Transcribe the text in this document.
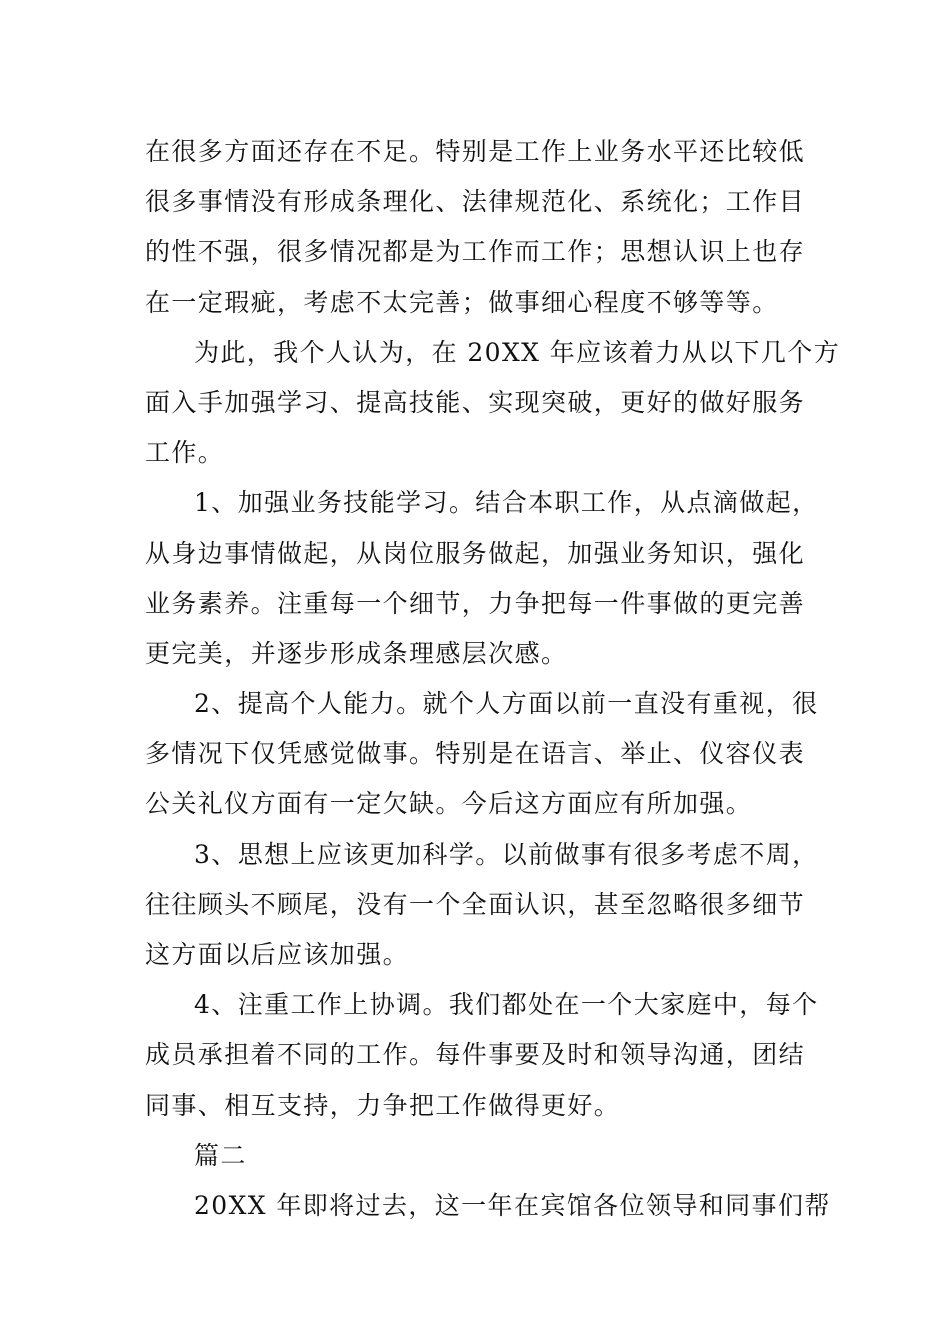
在很多方面还存在不足。特别是工作上业务水平还比较低
很多事情没有形成条理化、法律规范化、系统化；工作目
的性不强，很多情况都是为工作而工作；思想认识上也存
在一定瑕疵，考虑不太完善；做事细心程度不够等等。
为此，我个人认为，在 20XX 年应该着力从以下几个方
面入手加强学习、提高技能、实现突破，更好的做好服务
工作。
1、加强业务技能学习。结合本职工作，从点滴做起，
从身边事情做起，从岗位服务做起，加强业务知识，强化
业务素养。注重每一个细节，力争把每一件事做的更完善
更完美，并逐步形成条理感层次感。
2、提高个人能力。就个人方面以前一直没有重视，很
多情况下仅凭感觉做事。特别是在语言、举止、仪容仪表
公关礼仪方面有一定欠缺。今后这方面应有所加强。
3、思想上应该更加科学。以前做事有很多考虑不周，
往往顾头不顾尾，没有一个全面认识，甚至忽略很多细节
这方面以后应该加强。
4、注重工作上协调。我们都处在一个大家庭中，每个
成员承担着不同的工作。每件事要及时和领导沟通，团结
同事、相互支持，力争把工作做得更好。
篇二
20XX 年即将过去，这一年在宾馆各位领导和同事们帮
